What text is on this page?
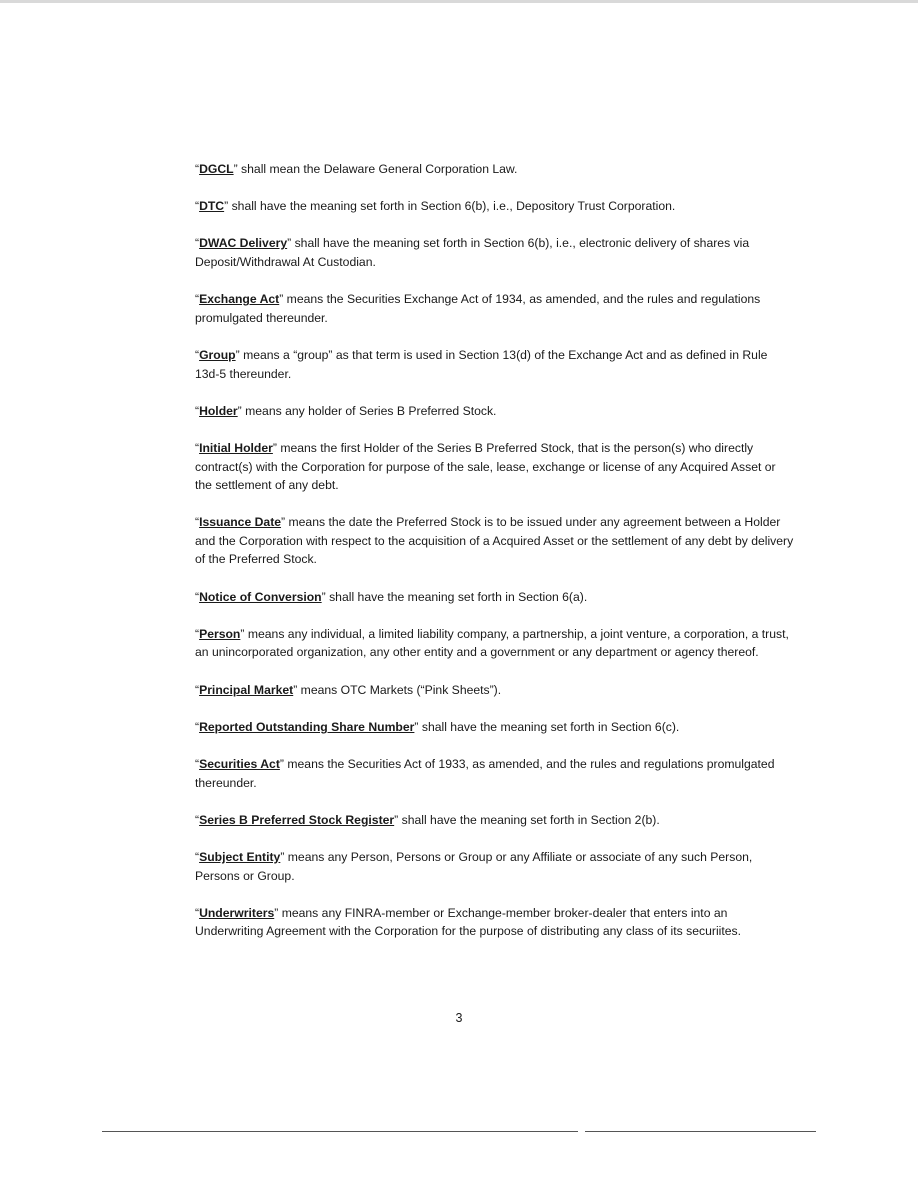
“DGCL” shall mean the Delaware General Corporation Law.

“DTC” shall have the meaning set forth in Section 6(b), i.e., Depository Trust Corporation.

“DWAC Delivery” shall have the meaning set forth in Section 6(b), i.e., electronic delivery of shares via Deposit/Withdrawal At Custodian.

“Exchange Act” means the Securities Exchange Act of 1934, as amended, and the rules and regulations promulgated thereunder.

“Group” means a “group” as that term is used in Section 13(d) of the Exchange Act and as defined in Rule 13d-5 thereunder.

“Holder” means any holder of Series B Preferred Stock.

“Initial Holder” means the first Holder of the Series B Preferred Stock, that is the person(s) who directly contract(s) with the Corporation for purpose of the sale, lease, exchange or license of any Acquired Asset or the settlement of any debt.

“Issuance Date” means the date the Preferred Stock is to be issued under any agreement between a Holder and the Corporation with respect to the acquisition of a Acquired Asset or the settlement of any debt by delivery of the Preferred Stock.

“Notice of Conversion” shall have the meaning set forth in Section 6(a).

“Person” means any individual, a limited liability company, a partnership, a joint venture, a corporation, a trust, an unincorporated organization, any other entity and a government or any department or agency thereof.

“Principal Market” means OTC Markets (“Pink Sheets”).

“Reported Outstanding Share Number” shall have the meaning set forth in Section 6(c).

“Securities Act” means the Securities Act of 1933, as amended, and the rules and regulations promulgated thereunder.

“Series B Preferred Stock Register” shall have the meaning set forth in Section 2(b).

“Subject Entity” means any Person, Persons or Group or any Affiliate or associate of any such Person, Persons or Group.

“Underwriters” means any FINRA-member or Exchange-member broker-dealer that enters into an Underwriting Agreement with the Corporation for the purpose of distributing any class of its securiites.

3
